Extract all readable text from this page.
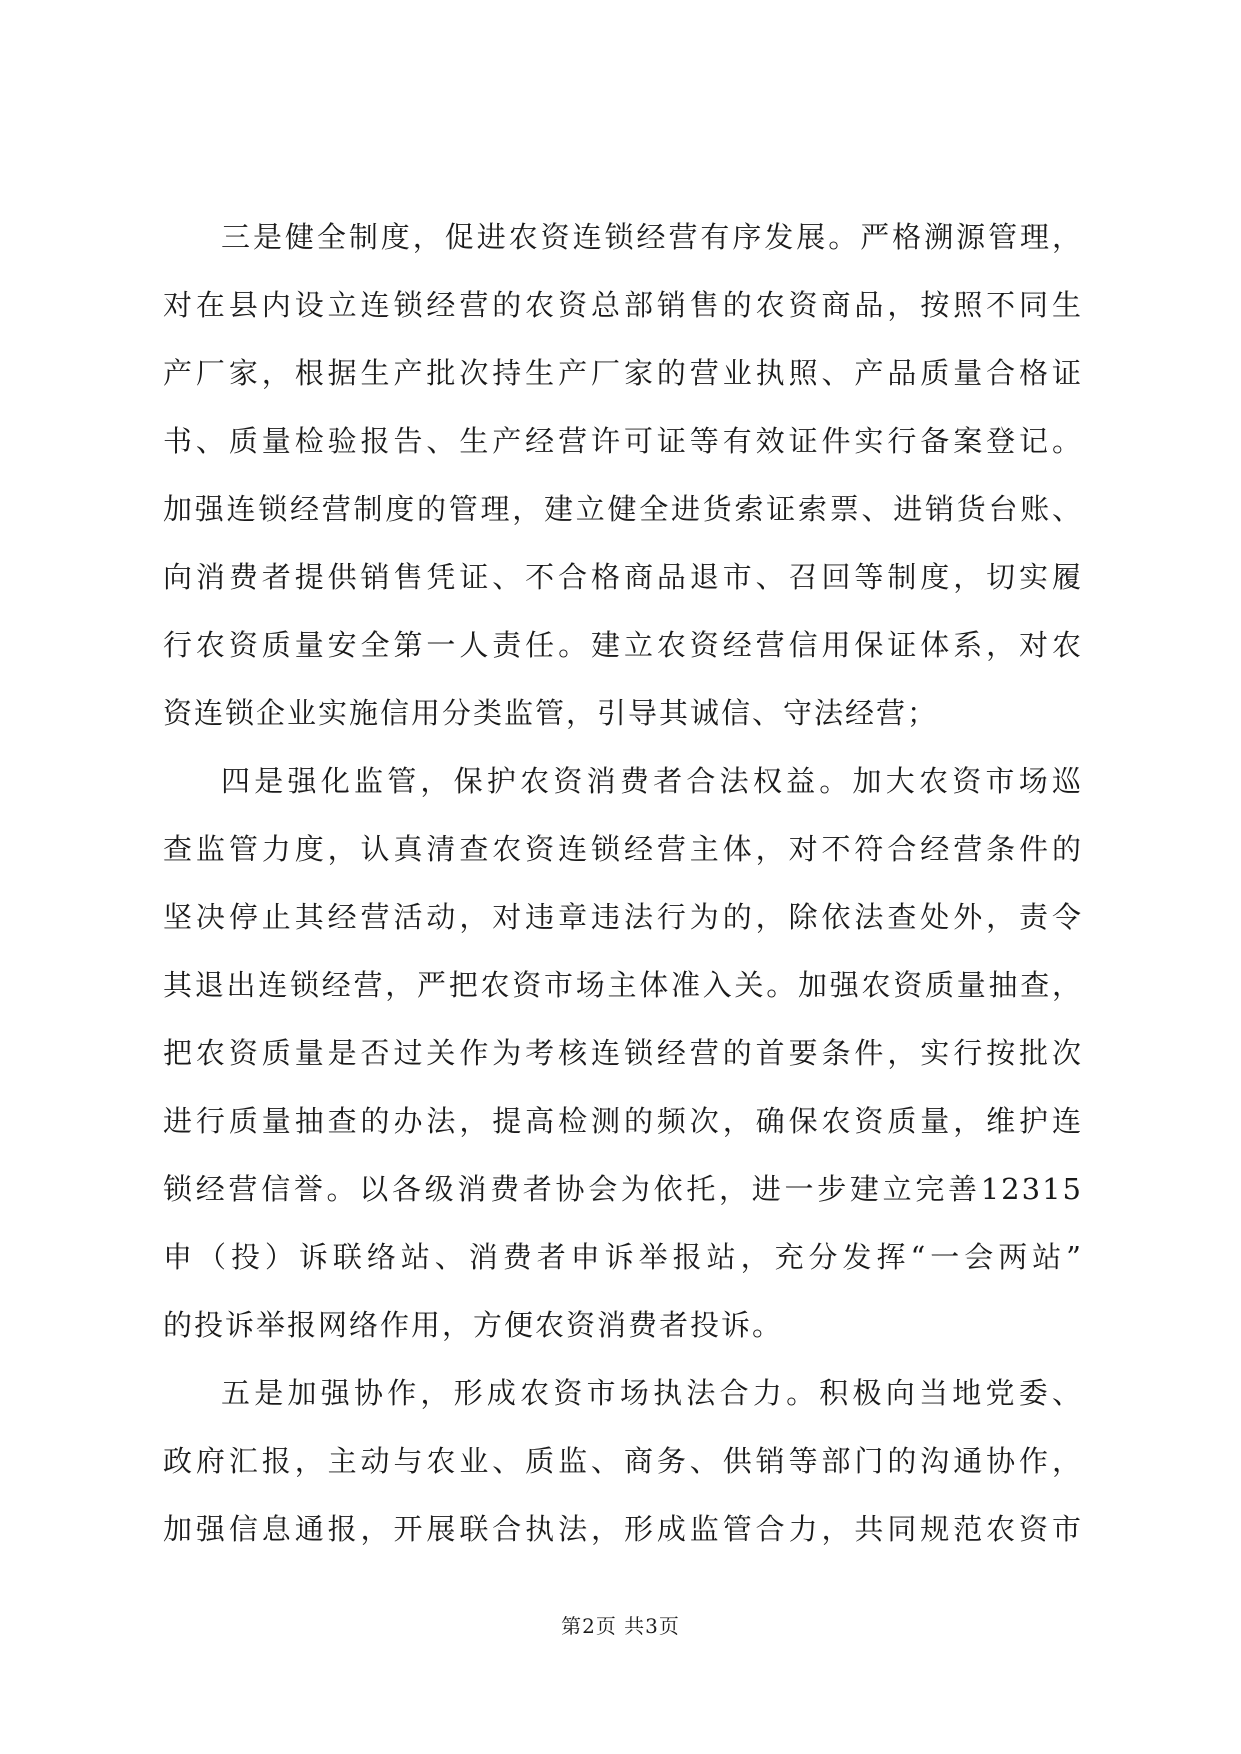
三是健全制度，促进农资连锁经营有序发展。严格溯源管理，
对在县内设立连锁经营的农资总部销售的农资商品，按照不同生
产厂家，根据生产批次持生产厂家的营业执照、产品质量合格证
书、质量检验报告、生产经营许可证等有效证件实行备案登记。
加强连锁经营制度的管理，建立健全进货索证索票、进销货台账、
向消费者提供销售凭证、不合格商品退市、召回等制度，切实履
行农资质量安全第一人责任。建立农资经营信用保证体系，对农
资连锁企业实施信用分类监管，引导其诚信、守法经营；
四是强化监管，保护农资消费者合法权益。加大农资市场巡
查监管力度，认真清查农资连锁经营主体，对不符合经营条件的
坚决停止其经营活动，对违章违法行为的，除依法查处外，责令
其退出连锁经营，严把农资市场主体准入关。加强农资质量抽查，
把农资质量是否过关作为考核连锁经营的首要条件，实行按批次
进行质量抽查的办法，提高检测的频次，确保农资质量，维护连
锁经营信誉。以各级消费者协会为依托，进一步建立完善12315
申（投）诉联络站、消费者申诉举报站，充分发挥“一会两站”
的投诉举报网络作用，方便农资消费者投诉。
五是加强协作，形成农资市场执法合力。积极向当地党委、
政府汇报，主动与农业、质监、商务、供销等部门的沟通协作，
加强信息通报，开展联合执法，形成监管合力，共同规范农资市
第2页 共3页
